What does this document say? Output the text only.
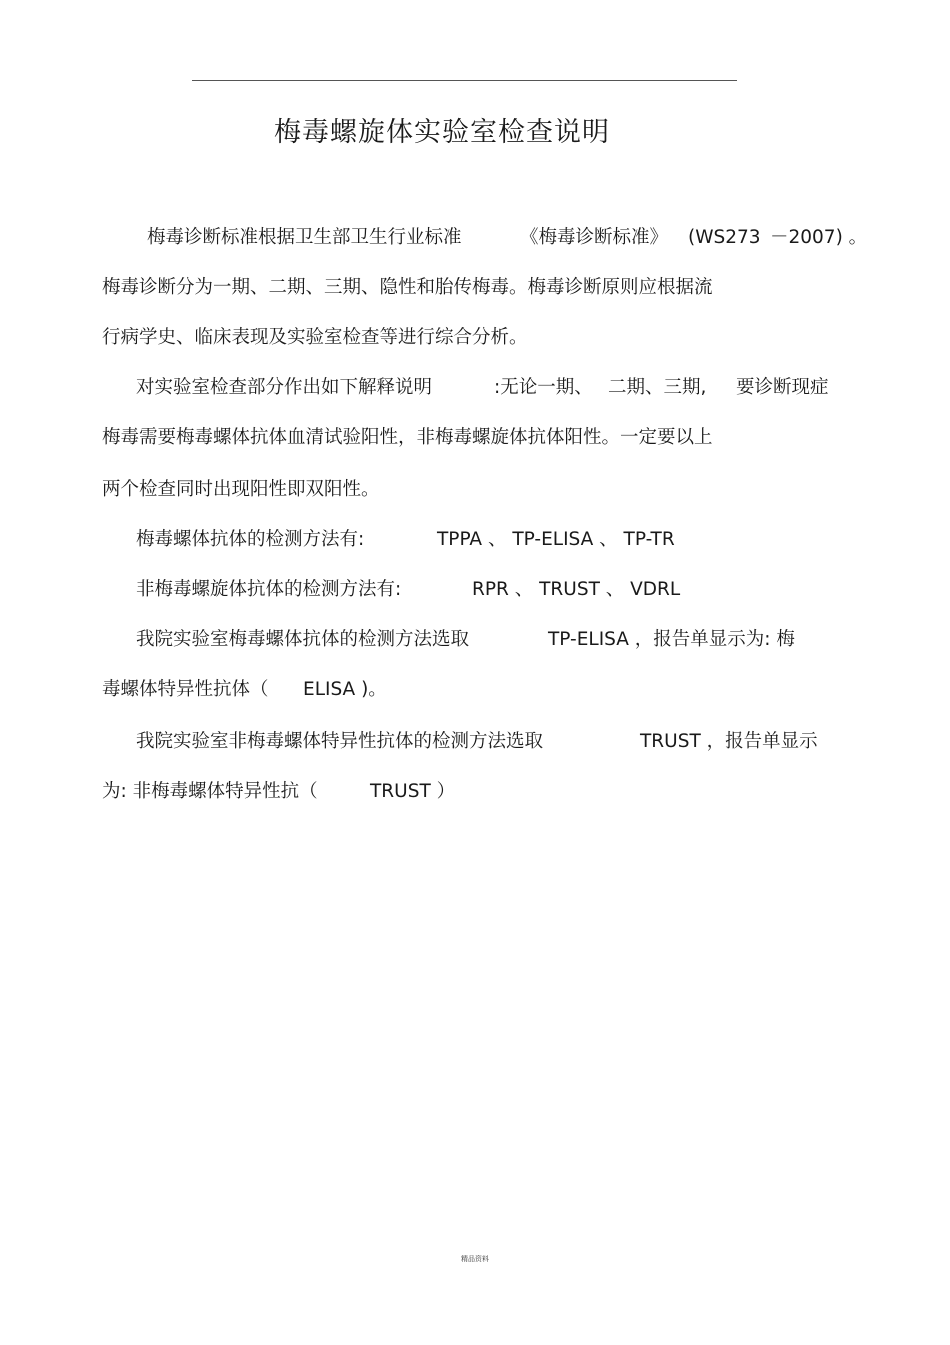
梅毒螺旋体实验室检查说明
梅毒诊断标准根据卫生部卫生行业标准	《梅毒诊断标准》 (WS273 －2007) 。
梅毒诊断分为一期、二期、三期、隐性和胎传梅毒。梅毒诊断原则应根据流
行病学史、临床表现及实验室检查等进行综合分析。
对实验室检查部分作出如下解释说明	:无论一期、 二期、三期, 要诊断现症
梅毒需要梅毒螺体抗体血清试验阳性，非梅毒螺旋体抗体阳性。一定要以上
两个检查同时出现阳性即双阳性。
梅毒螺体抗体的检测方法有:	TPPA 、 TP-ELISA 、 TP-TR
非梅毒螺旋体抗体的检测方法有:	RPR 、 TRUST 、 VDRL
我院实验室梅毒螺体抗体的检测方法选取	TP-ELISA ，报告单显示为: 梅
毒螺体特异性抗体（ ELISA )。
我院实验室非梅毒螺体特异性抗体的检测方法选取	TRUST ，报告单显示
为: 非梅毒螺体特异性抗（	TRUST ）
精品资料
